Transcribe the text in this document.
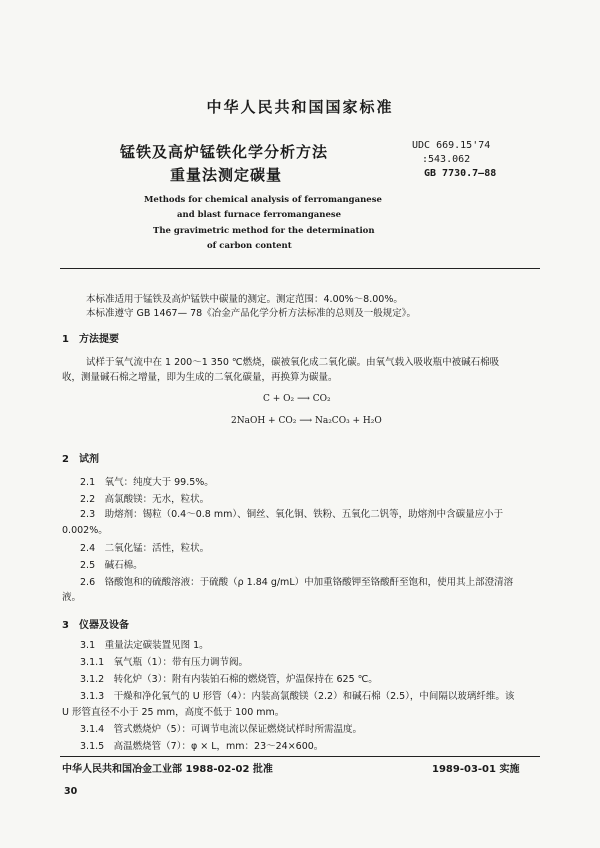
中华人民共和国国家标准
锰铁及高炉锰铁化学分析方法
重量法测定碳量
UDC 669.15'74
:543.062
GB 7730.7—88
Methods for chemical analysis of ferromanganese
and blast furnace ferromanganese
The gravimetric method for the determination
of carbon content
本标准适用于锰铁及高炉锰铁中碳量的测定。测定范围：4.00%～8.00%。
本标准遵守 GB 1467— 78《冶金产品化学分析方法标准的总则及一般规定》。
1　方法提要
试样于氧气流中在 1 200～1 350 ℃燃烧，碳被氧化成二氧化碳。由氧气载入吸收瓶中被碱石棉吸
收，测量碱石棉之增量，即为生成的二氧化碳量，再换算为碳量。
C + O₂ ⟶ CO₂
2NaOH + CO₂ ⟶ Na₂CO₃ + H₂O
2　试剂
2.1　氧气：纯度大于 99.5%。
2.2　高氯酸镁：无水，粒状。
2.3　助熔剂：锡粒（0.4～0.8 mm）、铜丝、氧化铜、铁粉、五氧化二钒等，助熔剂中含碳量应小于
0.002%。
2.4　二氧化锰：活性，粒状。
2.5　碱石棉。
2.6　铬酸饱和的硫酸溶液：于硫酸（ρ 1.84 g/mL）中加重铬酸钾至铬酸酐至饱和，使用其上部澄清溶
液。
3　仪器及设备
3.1　重量法定碳装置见图 1。
3.1.1　氧气瓶（1）：带有压力调节阀。
3.1.2　转化炉（3）：附有内装铂石棉的燃烧管，炉温保持在 625 ℃。
3.1.3　干燥和净化氧气的 U 形管（4）：内装高氯酸镁（2.2）和碱石棉（2.5），中间隔以玻璃纤维。该
U 形管直径不小于 25 mm，高度不低于 100 mm。
3.1.4　管式燃烧炉（5）：可调节电流以保证燃烧试样时所需温度。
3.1.5　高温燃烧管（7）：φ × L，mm：23～24×600。
中华人民共和国冶金工业部 1988-02-02 批准	1989-03-01 实施
30
